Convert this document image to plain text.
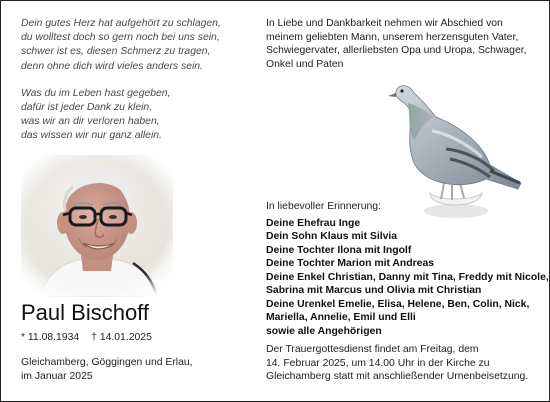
Dein gutes Herz hat aufgehört zu schlagen,
du wolltest doch so gern noch bei uns sein,
schwer ist es, diesen Schmerz zu tragen,
denn ohne dich wird vieles anders sein.
Was du im Leben hast gegeben,
dafür ist jeder Dank zu klein,
was wir an dir verloren haben,
das wissen wir nur ganz allein.
Paul Bischoff
* 11.08.1934 † 14.01.2025
Gleichamberg, Göggingen und Erlau,
im Januar 2025
In Liebe und Dankbarkeit nehmen wir Abschied von
meinem geliebten Mann, unserem herzensguten Vater,
Schwiegervater, allerliebsten Opa und Uropa, Schwager,
Onkel und Paten
In liebevoller Erinnerung:
Deine Ehefrau Inge
Dein Sohn Klaus mit Silvia
Deine Tochter Ilona mit Ingolf
Deine Tochter Marion mit Andreas
Deine Enkel Christian, Danny mit Tina, Freddy mit Nicole,
Sabrina mit Marcus und Olivia mit Christian
Deine Urenkel Emelie, Elisa, Helene, Ben, Colin, Nick,
Mariella, Annelie, Emil und Elli
sowie alle Angehörigen
Der Trauergottesdienst findet am Freitag, dem
14. Februar 2025, um 14.00 Uhr in der Kirche zu
Gleichamberg statt mit anschließender Urnenbeisetzung.
